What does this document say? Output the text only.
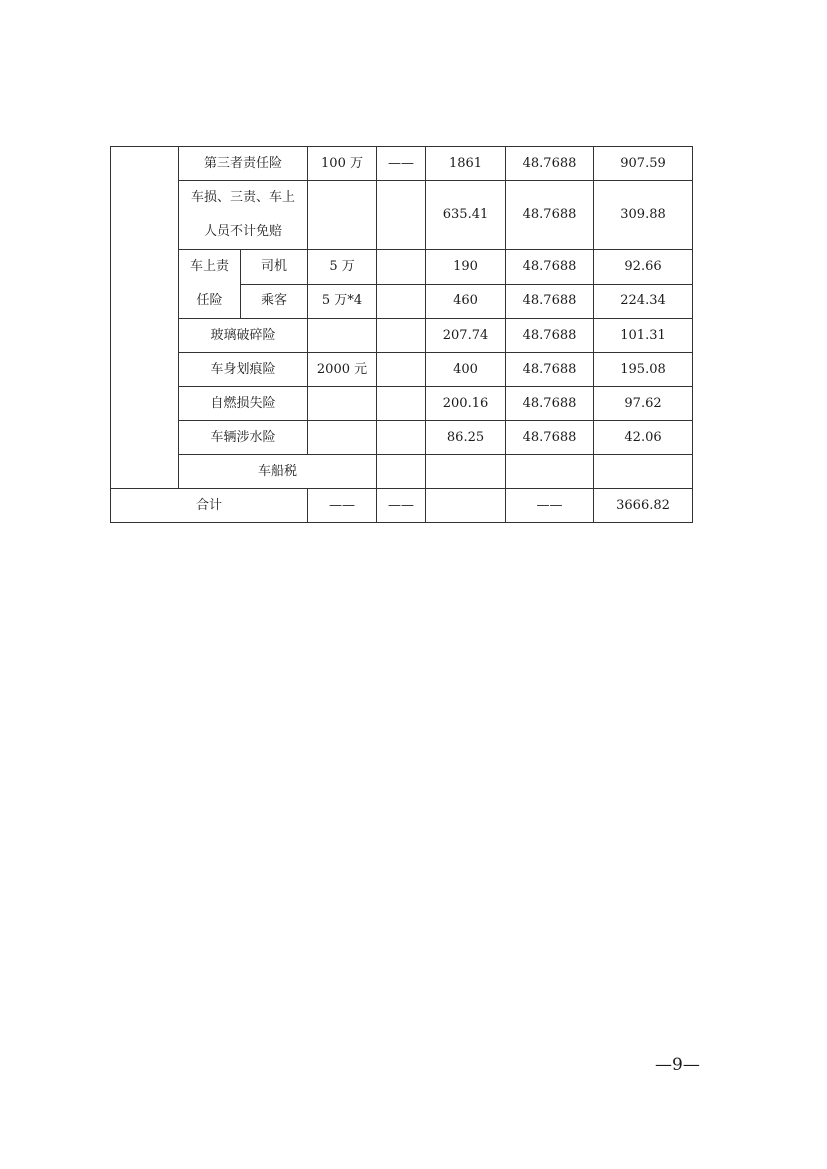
	第三者责任险		100 万	——	1861	48.7688	907.59	

	车损、三责、车上
人员不计免赔				635.41	48.7688	309.88	

	车上责
任险	司机	5 万		190	48.7688	92.66	
		乘客	5 万*4		460	48.7688	224.34	
	玻璃破碎险				207.74	48.7688	101.31	
	车身划痕险		2000 元		400	48.7688	195.08	
	自燃损失险				200.16	48.7688	97.62	
	车辆涉水险				86.25	48.7688	42.06	
	车船税							
合计			——	——		——	3666.82	
—9—
